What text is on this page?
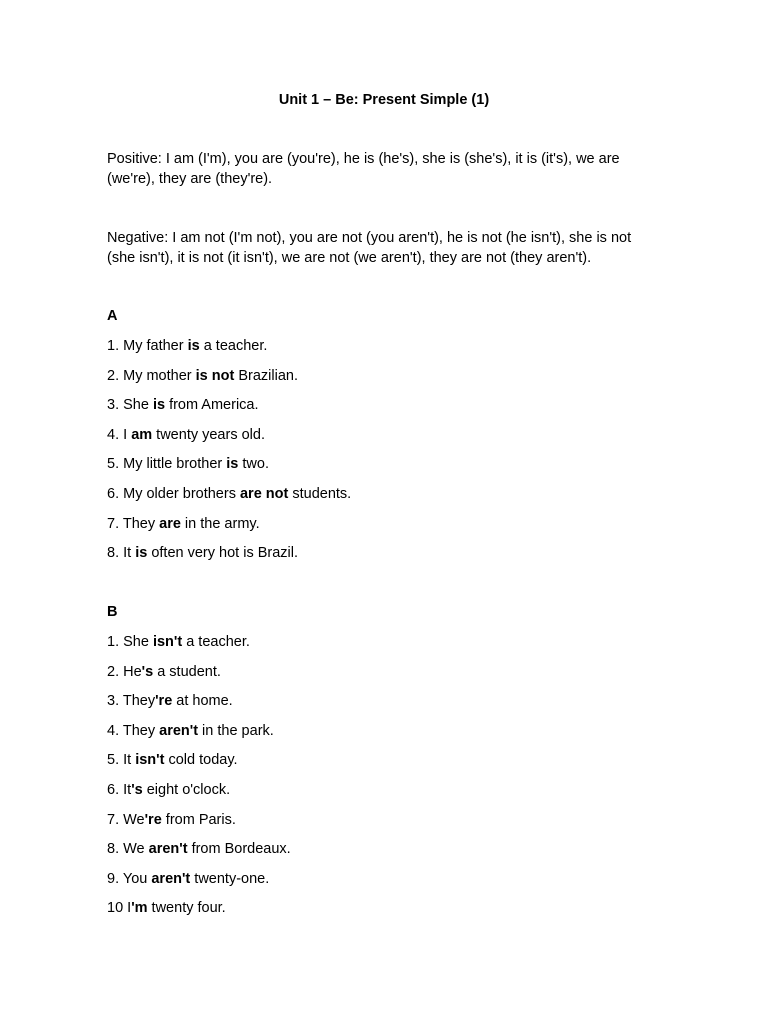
Unit 1 – Be: Present Simple (1)

Positive: I am (I'm), you are (you're), he is (he's), she is (she's), it is (it's), we are (we're), they are (they're).

Negative: I am not (I'm not), you are not (you aren't), he is not (he isn't), she is not (she isn't), it is not (it isn't), we are not (we aren't), they are not (they aren't).

A
1. My father is a teacher.
2. My mother is not Brazilian.
3. She is from America.
4. I am twenty years old.
5. My little brother is two.
6. My older brothers are not students.
7. They are in the army.
8. It is often very hot is Brazil.
B
1. She isn't a teacher.
2. He's a student.
3. They're at home.
4. They aren't in the park.
5. It isn't cold today.
6. It's eight o'clock.
7. We're from Paris.
8. We aren't from Bordeaux.
9. You aren't twenty-one.
10 I'm twenty four.
